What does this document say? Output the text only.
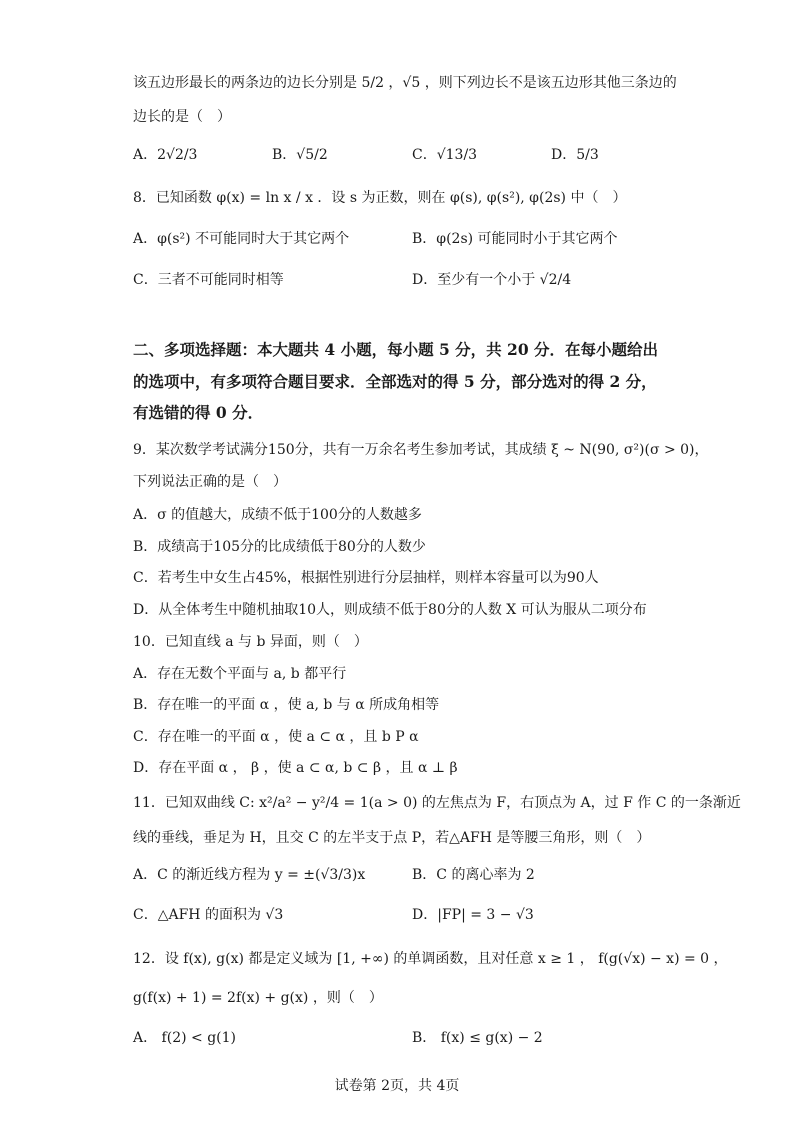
该五边形最长的两条边的边长分别是 5/2 ，√5 ，则下列边长不是该五边形其他三条边的
边长的是（　）
A．2√2/3	B．√5/2	C．√13/3	D．5/3
8．已知函数 φ(x) = ln x / x ．设 s 为正数，则在 φ(s), φ(s²), φ(2s) 中（　）
A．φ(s²) 不可能同时大于其它两个	B．φ(2s) 可能同时小于其它两个
C．三者不可能同时相等	D．至少有一个小于 √2/4
二、多项选择题：本大题共 4 小题，每小题 5 分，共 20 分．在每小题给出
的选项中，有多项符合题目要求．全部选对的得 5 分，部分选对的得 2 分，
有选错的得 0 分．
9．某次数学考试满分150分，共有一万余名考生参加考试，其成绩 ξ ~ N(90, σ²)(σ > 0)，
下列说法正确的是（　）
A．σ 的值越大，成绩不低于100分的人数越多
B．成绩高于105分的比成绩低于80分的人数少
C．若考生中女生占45%，根据性别进行分层抽样，则样本容量可以为90人
D．从全体考生中随机抽取10人，则成绩不低于80分的人数 X 可认为服从二项分布
10．已知直线 a 与 b 异面，则（　）
A．存在无数个平面与 a, b 都平行
B．存在唯一的平面 α ，使 a, b 与 α 所成角相等
C．存在唯一的平面 α ，使 a ⊂ α ，且 b P α
D．存在平面 α ， β ，使 a ⊂ α, b ⊂ β ，且 α ⊥ β
11．已知双曲线 C: x²/a² − y²/4 = 1(a > 0) 的左焦点为 F，右顶点为 A，过 F 作 C 的一条渐近
线的垂线，垂足为 H，且交 C 的左半支于点 P，若△AFH 是等腰三角形，则（　）
A．C 的渐近线方程为 y = ±(√3/3)x	B．C 的离心率为 2
C．△AFH 的面积为 √3	D．|FP| = 3 − √3
12．设 f(x), g(x) 都是定义域为 [1, +∞) 的单调函数，且对任意 x ≥ 1 ， f(g(√x) − x) = 0 ，
g(f(x) + 1) = 2f(x) + g(x) ，则（　）
A． f(2) < g(1)	B． f(x) ≤ g(x) − 2
试卷第 2页，共 4页
